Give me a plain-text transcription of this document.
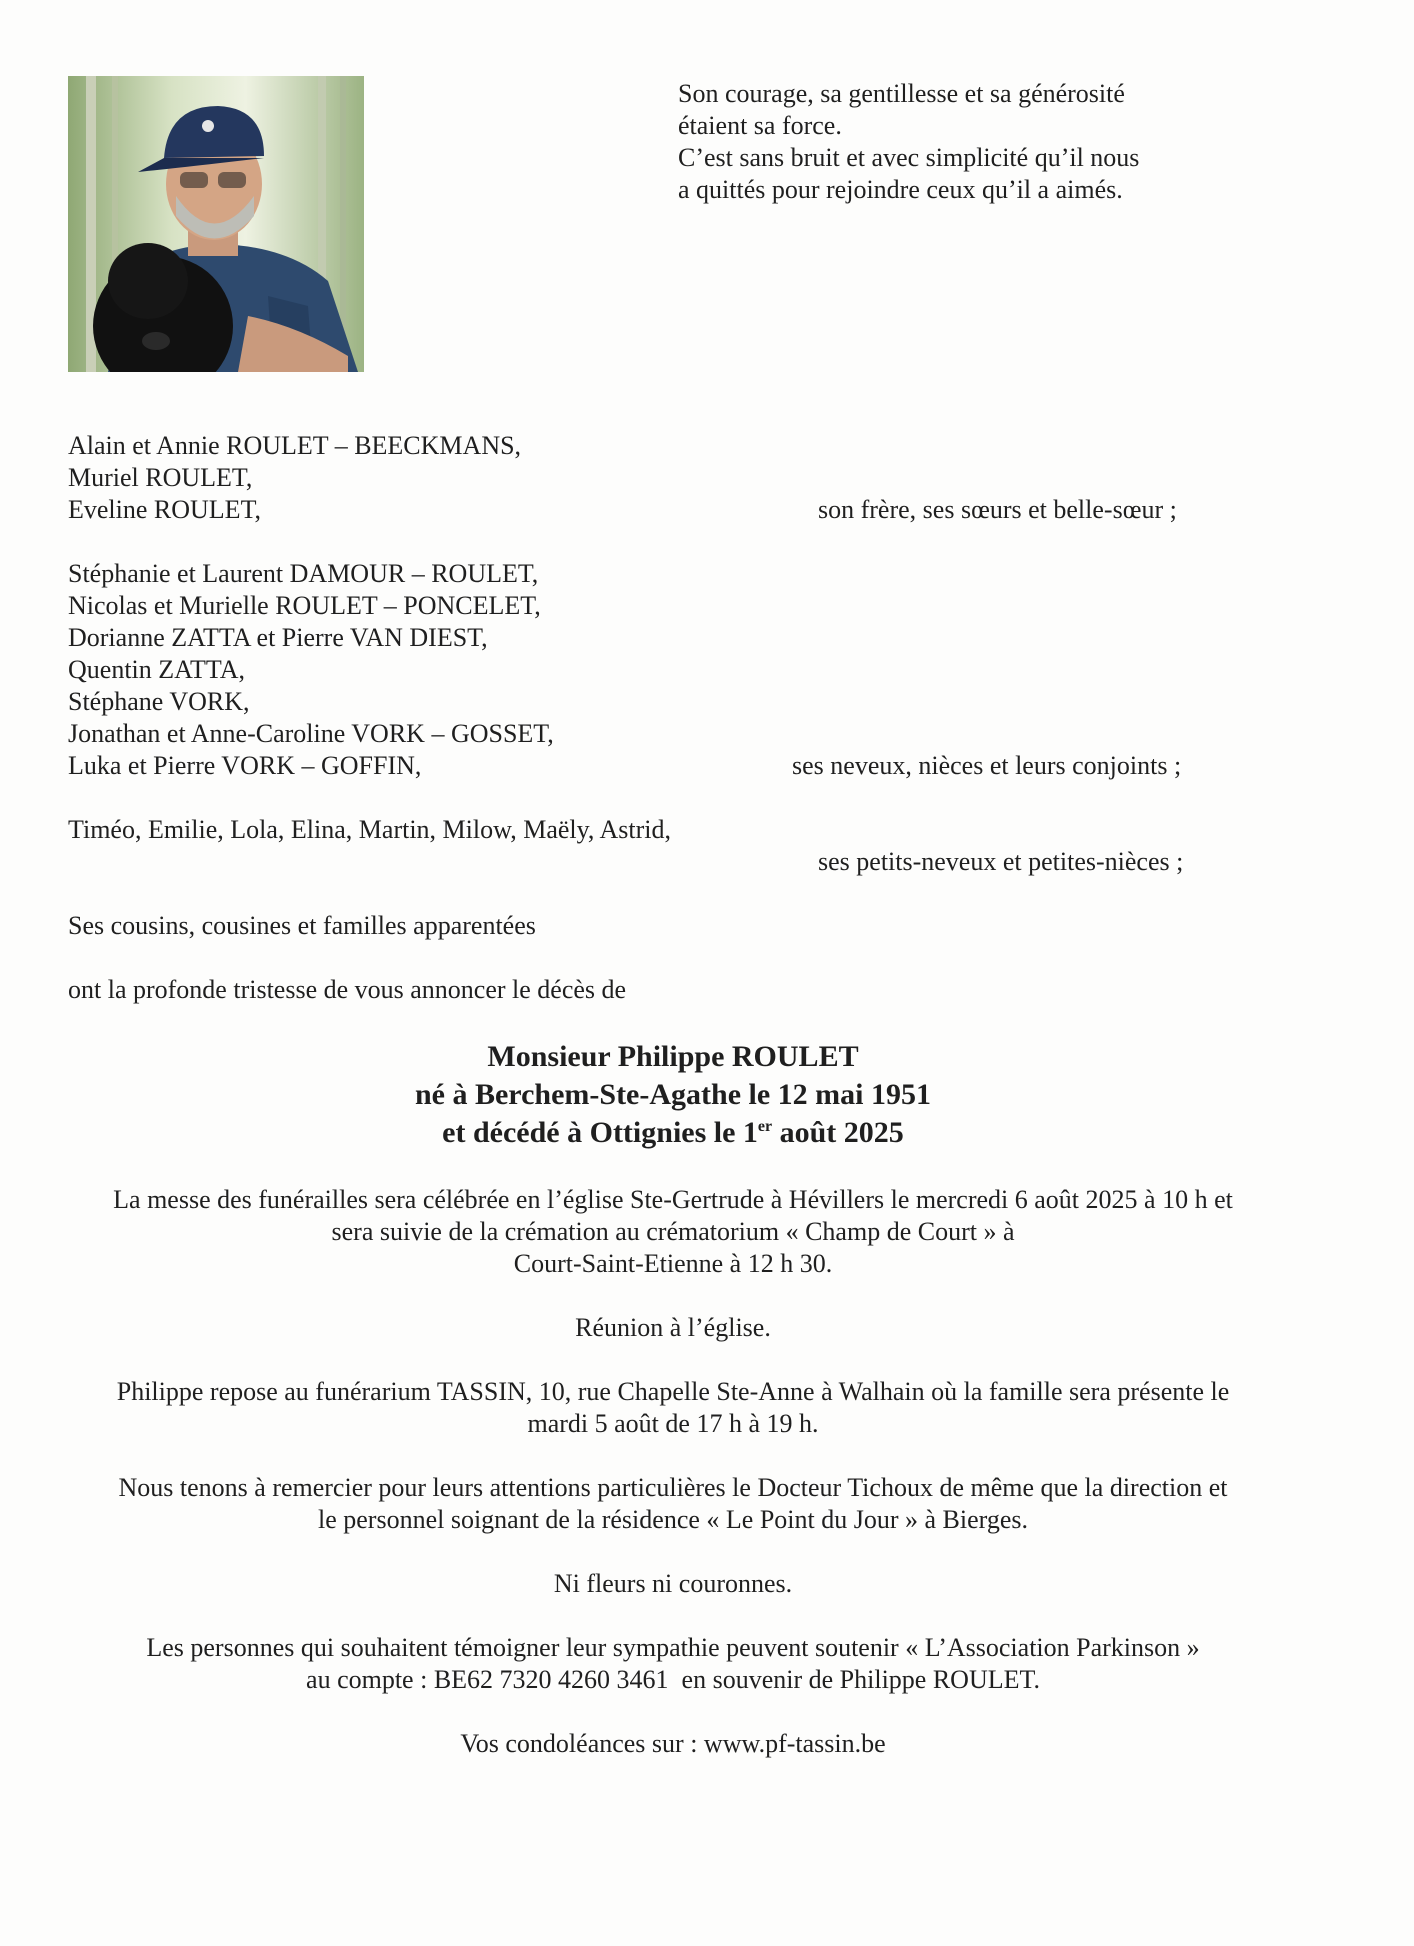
Son courage, sa gentillesse et sa générosité
étaient sa force.
C’est sans bruit et avec simplicité qu’il nous
a quittés pour rejoindre ceux qu’il a aimés.
Alain et Annie ROULET – BEECKMANS,
Muriel ROULET,
Eveline ROULET,	son frère, ses sœurs et belle-sœur ;
Stéphanie et Laurent DAMOUR – ROULET,
Nicolas et Murielle ROULET – PONCELET,
Dorianne ZATTA et Pierre VAN DIEST,
Quentin ZATTA,
Stéphane VORK,
Jonathan et Anne-Caroline VORK – GOSSET,
Luka et Pierre VORK – GOFFIN,	ses neveux, nièces et leurs conjoints ;
Timéo, Emilie, Lola, Elina, Martin, Milow, Maëly, Astrid,
ses petits-neveux et petites-nièces ;
Ses cousins, cousines et familles apparentées
ont la profonde tristesse de vous annoncer le décès de
Monsieur Philippe ROULET
né à Berchem-Ste-Agathe le 12 mai 1951
et décédé à Ottignies le 1er août 2025
La messe des funérailles sera célébrée en l’église Ste-Gertrude à Hévillers le mercredi 6 août 2025 à 10 h et
sera suivie de la crémation au crématorium « Champ de Court » à
Court-Saint-Etienne à 12 h 30.
Réunion à l’église.
Philippe repose au funérarium TASSIN, 10, rue Chapelle Ste-Anne à Walhain où la famille sera présente le
mardi 5 août de 17 h à 19 h.
Nous tenons à remercier pour leurs attentions particulières le Docteur Tichoux de même que la direction et
le personnel soignant de la résidence « Le Point du Jour » à Bierges.
Ni fleurs ni couronnes.
Les personnes qui souhaitent témoigner leur sympathie peuvent soutenir « L’Association Parkinson »
au compte : BE62 7320 4260 3461  en souvenir de Philippe ROULET.
Vos condoléances sur : www.pf-tassin.be
